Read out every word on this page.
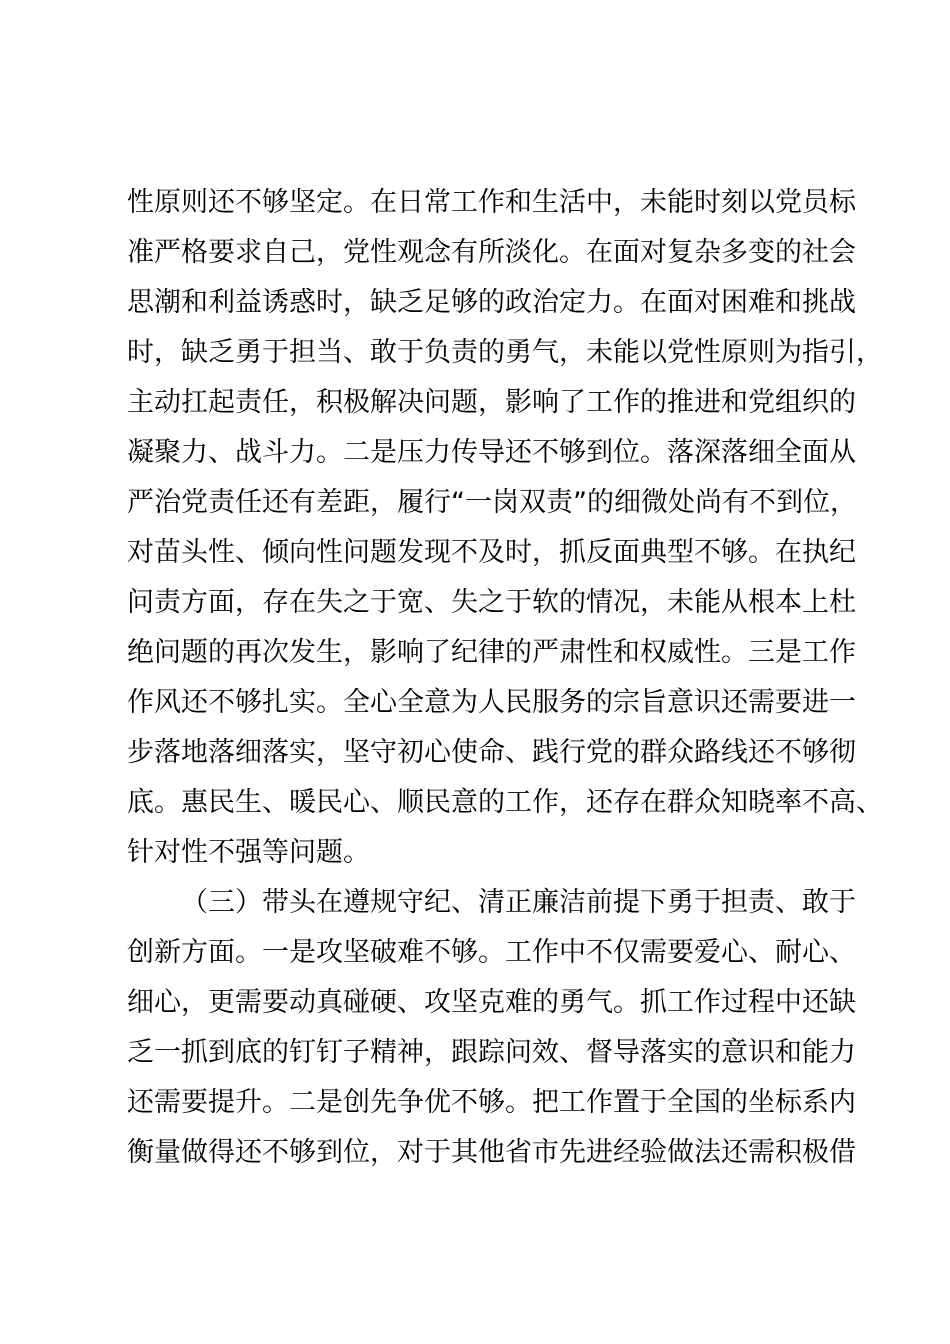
性原则还不够坚定。在日常工作和生活中，未能时刻以党员标
准严格要求自己，党性观念有所淡化。在面对复杂多变的社会
思潮和利益诱惑时，缺乏足够的政治定力。在面对困难和挑战
时，缺乏勇于担当、敢于负责的勇气，未能以党性原则为指引，
主动扛起责任，积极解决问题，影响了工作的推进和党组织的
凝聚力、战斗力。二是压力传导还不够到位。落深落细全面从
严治党责任还有差距，履行“一岗双责”的细微处尚有不到位，
对苗头性、倾向性问题发现不及时，抓反面典型不够。在执纪
问责方面，存在失之于宽、失之于软的情况，未能从根本上杜
绝问题的再次发生，影响了纪律的严肃性和权威性。三是工作
作风还不够扎实。全心全意为人民服务的宗旨意识还需要进一
步落地落细落实，坚守初心使命、践行党的群众路线还不够彻
底。惠民生、暖民心、顺民意的工作，还存在群众知晓率不高、
针对性不强等问题。
（三）带头在遵规守纪、清正廉洁前提下勇于担责、敢于
创新方面。一是攻坚破难不够。工作中不仅需要爱心、耐心、
细心，更需要动真碰硬、攻坚克难的勇气。抓工作过程中还缺
乏一抓到底的钉钉子精神，跟踪问效、督导落实的意识和能力
还需要提升。二是创先争优不够。把工作置于全国的坐标系内
衡量做得还不够到位，对于其他省市先进经验做法还需积极借
